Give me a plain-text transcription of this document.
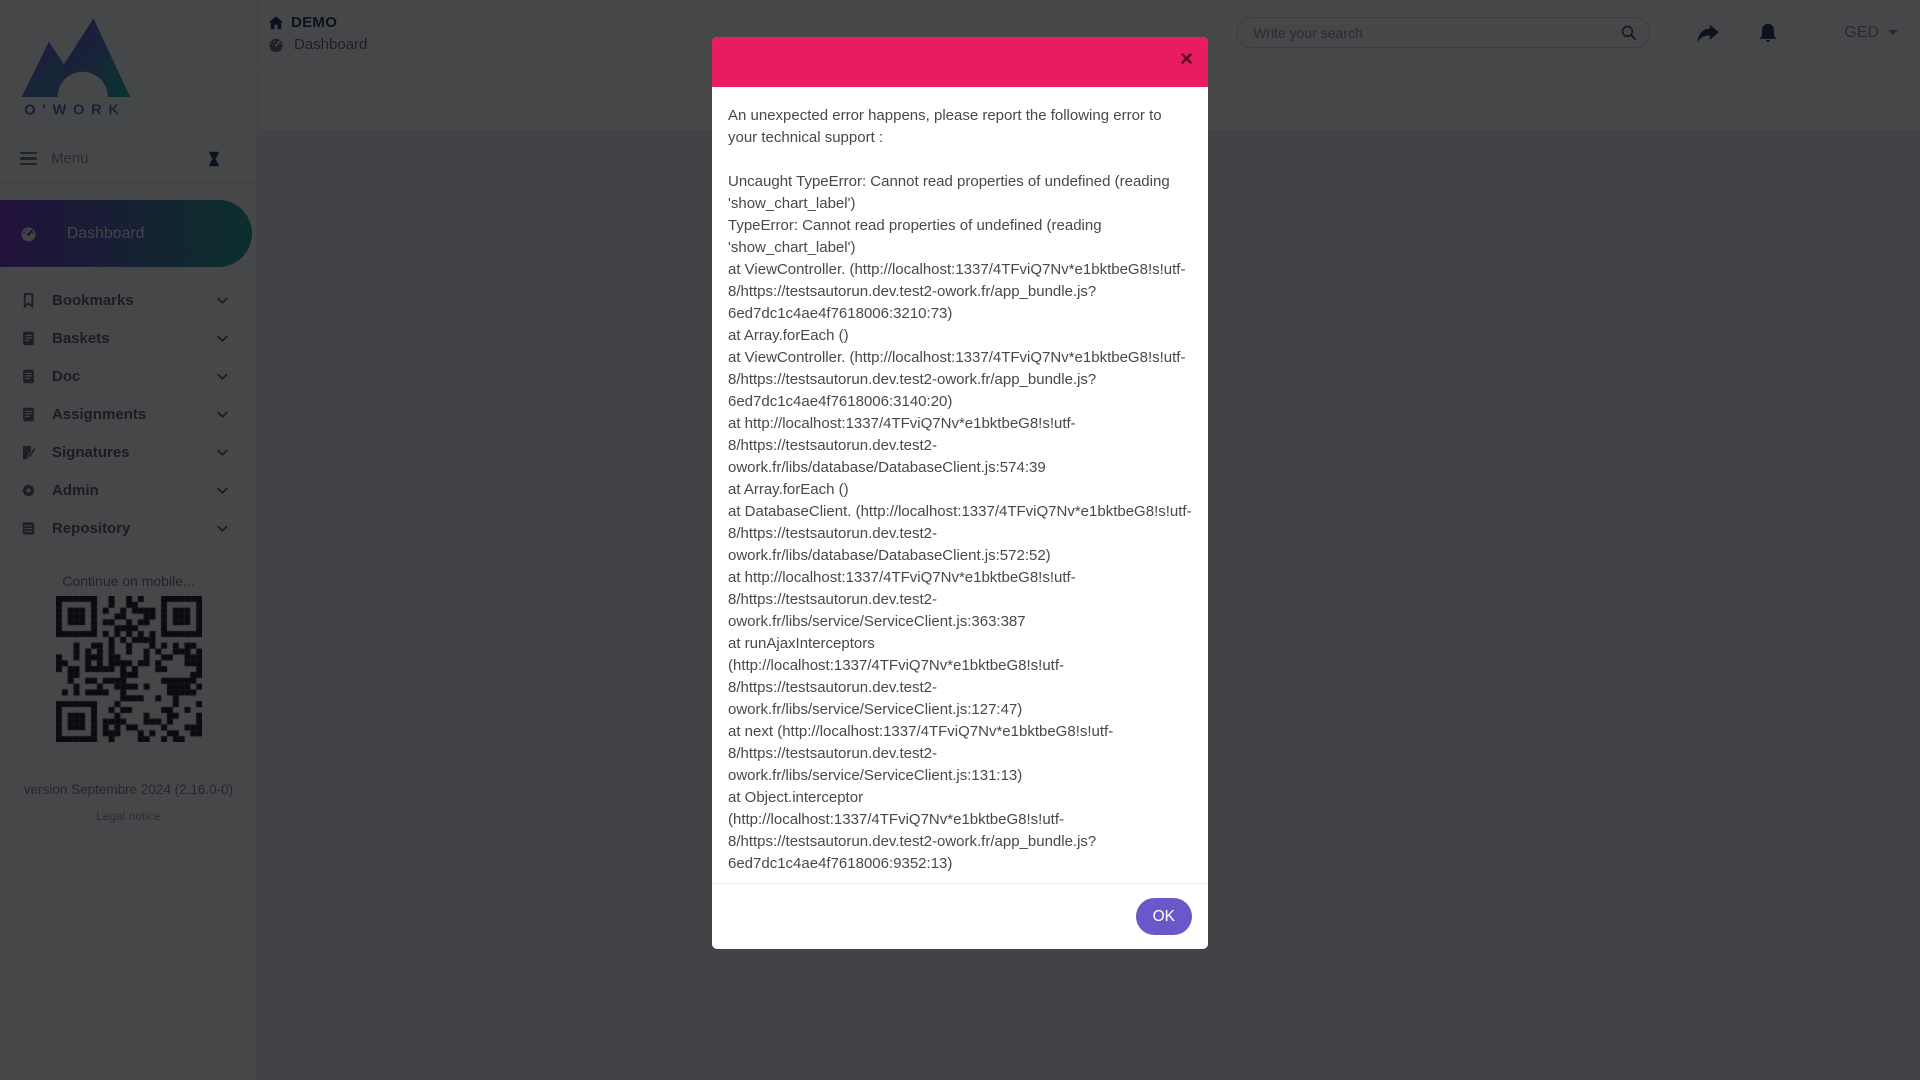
Write your search
×

An unexpected error happens, please report the following error to your technical support :

Uncaught TypeError: Cannot read properties of undefined (reading 'show_chart_label')
TypeError: Cannot read properties of undefined (reading 'show_chart_label')
at ViewController. (http://localhost:1337/4TFviQ7Nv*e1bktbeG8!s!utf-8/https://testsautorun.dev.test2-owork.fr/app_bundle.js?6ed7dc1c4ae4f7618006:3210:73)
at Array.forEach ()
at ViewController. (http://localhost:1337/4TFviQ7Nv*e1bktbeG8!s!utf-8/https://testsautorun.dev.test2-owork.fr/app_bundle.js?6ed7dc1c4ae4f7618006:3140:20)
at http://localhost:1337/4TFviQ7Nv*e1bktbeG8!s!utf-8/https://testsautorun.dev.test2-owork.fr/libs/database/DatabaseClient.js:574:39
at Array.forEach ()
at DatabaseClient. (http://localhost:1337/4TFviQ7Nv*e1bktbeG8!s!utf-8/https://testsautorun.dev.test2-owork.fr/libs/database/DatabaseClient.js:572:52)
at http://localhost:1337/4TFviQ7Nv*e1bktbeG8!s!utf-8/https://testsautorun.dev.test2-owork.fr/libs/service/ServiceClient.js:363:387
at runAjaxInterceptors (http://localhost:1337/4TFviQ7Nv*e1bktbeG8!s!utf-8/https://testsautorun.dev.test2-owork.fr/libs/service/ServiceClient.js:127:47)
at next (http://localhost:1337/4TFviQ7Nv*e1bktbeG8!s!utf-8/https://testsautorun.dev.test2-owork.fr/libs/service/ServiceClient.js:131:13)
at Object.interceptor (http://localhost:1337/4TFviQ7Nv*e1bktbeG8!s!utf-8/https://testsautorun.dev.test2-owork.fr/app_bundle.js?6ed7dc1c4ae4f7618006:9352:13)
OK
